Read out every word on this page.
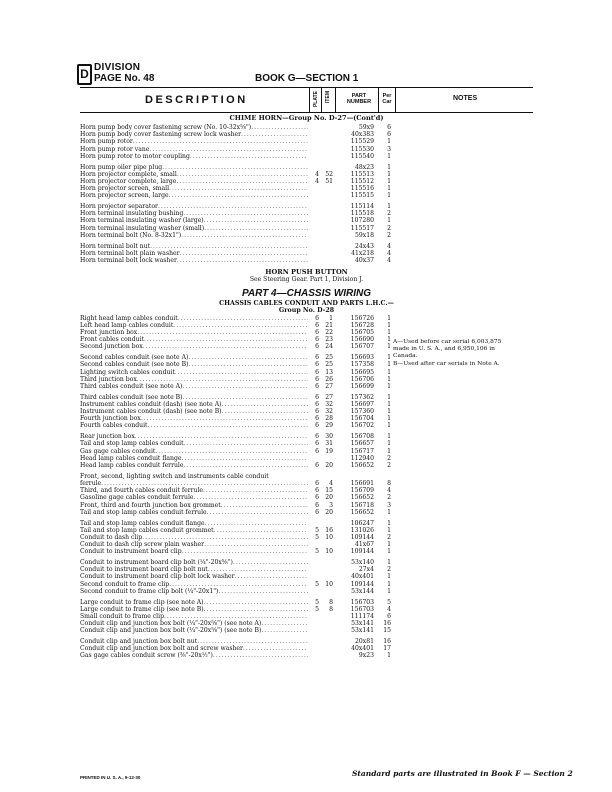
D DIVISION
PAGE No. 48	BOOK G—SECTION 1
DESCRIPTION	PLATE ITEM	PART NUMBER
Per Car	NOTES
CHIME HORN—Group No. D-27—(Cont'd)
Horn pump body cover fastening screw (No. 10-32x⅝") .....	59x9	6
Horn pump body cover fastening screw lock washer .....	40x383	6
Horn pump rotor .....	115529	1
Horn pump rotor vane .....	115530	3
Horn pump rotor to motor coupling .....	115540	1
Horn pump oiler pipe plug .....	48x23	1
Horn projector complete, small .....	4	52	115513	1
Horn projector complete, large .....	4	51	115512	1
Horn projector screen, small .....	115516	1
Horn projector screen, large .....	115515	1
Horn projector separator .....	115114	1
Horn terminal insulating bushing .....	115518	2
Horn terminal insulating washer (large) .....	107280	1
Horn terminal insulating washer (small) .....	115517	2
Horn terminal bolt (No. 8-32x1") .....	59x18	2
Horn terminal bolt nut .....	24x43	4
Horn terminal bolt plain washer .....	41x218	4
Horn terminal bolt lock washer .....	40x37	4
HORN PUSH BUTTON
See Steering Gear. Part 1, Division J.
PART 4—CHASSIS WIRING
CHASSIS CABLES CONDUIT AND PARTS L.H.C.—
Group No. D-28
Right head lamp cables conduit .....	6	1	156726	1
Left head lamp cables conduit .....	6	21	156728	1
Front junction box .....	6	22	156705	1
Front cables conduit .....	6	23	156690	1
Second junction box .....	6	24	156707	1
Second cables conduit (see note A) .....	6	25	156693	1
Second cables conduit (see note B) .....	6	25	157358	1
Lighting switch cables conduit .....	6	13	156695	1
Third junction box .....	6	26	156706	1
Third cables conduit (see note A) .....	6	27	156699	1
Third cables conduit (see note B) .....	6	27	157362	1
Instrument cables conduit (dash) (see note A) .....	6	32	156697	1
Instrument cables conduit (dash) (see note B) .....	6	32	157360	1
Fourth junction box .....	6	28	156704	1
Fourth cables conduit .....	6	29	156702	1
Rear junction box .....	6	30	156708	1
Tail and stop lamp cables conduit .....	6	31	156657	1
Gas gage cables conduit .....	6	19	156717	1
Head lamp cables conduit flange .....	112940	2
Head lamp cables conduit ferrule .....	6	20	156652	2
Front, second, lighting switch and instruments cable conduit
ferrule .....	6	4	156691	8
Third, and fourth cables conduit ferrule .....	6	15	156709	4
Gasoline gage cables conduit ferrule .....	6	20	156652	2
Front, third and fourth junction box grommet .....	6	3	156718	3
Tail and stop lamp cables conduit ferrule .....	6	20	156652	1
Tail and stop lamp cables conduit flange .....	106247	1
Tail and stop lamp cables conduit grommet .....	5	16	131026	1
Conduit to dash clip .....	5	10	109144	2
Conduit to dash clip screw plain washer .....	41x67	1
Conduit to instrument board clip .....	5	10	109144	1
Conduit to instrument board clip bolt (¼"-20x⅝") .....	53x140	1
Conduit to instrument board clip bolt nut .....	27x4	2
Conduit to instrument board clip bolt lock washer .....	40x401	1
Second conduit to frame clip .....	5	10	109144	1
Second conduit to frame clip bolt (¼"-20x1") .....	53x144	1
Large conduit to frame clip (see note A) .....	5	8	156703	5
Large conduit to frame clip (see note B) .....	5	8	156703	4
Small conduit to frame clip .....	111174	6
Conduit clip and junction box bolt (¼"-20x⅝") (see note A) .....	53x141	16
Conduit clip and junction box bolt (¼"-20x⅝") (see note B) .....	53x141	15
Conduit clip and junction box bolt nut .....	20x81	16
Conduit clip and junction box bolt and screw washer .....	40x401	17
Gas gage cables conduit screw (⅜"-20x½") .....	9x23	1
A—Used before car serial 6,003,875
made in U. S. A., and 6,950,106 in
Canada.
B—Used after car serials in Note A.
Standard parts are illustrated in Book F — Section 2
PRINTED IN U. S. A., 9-12-30
